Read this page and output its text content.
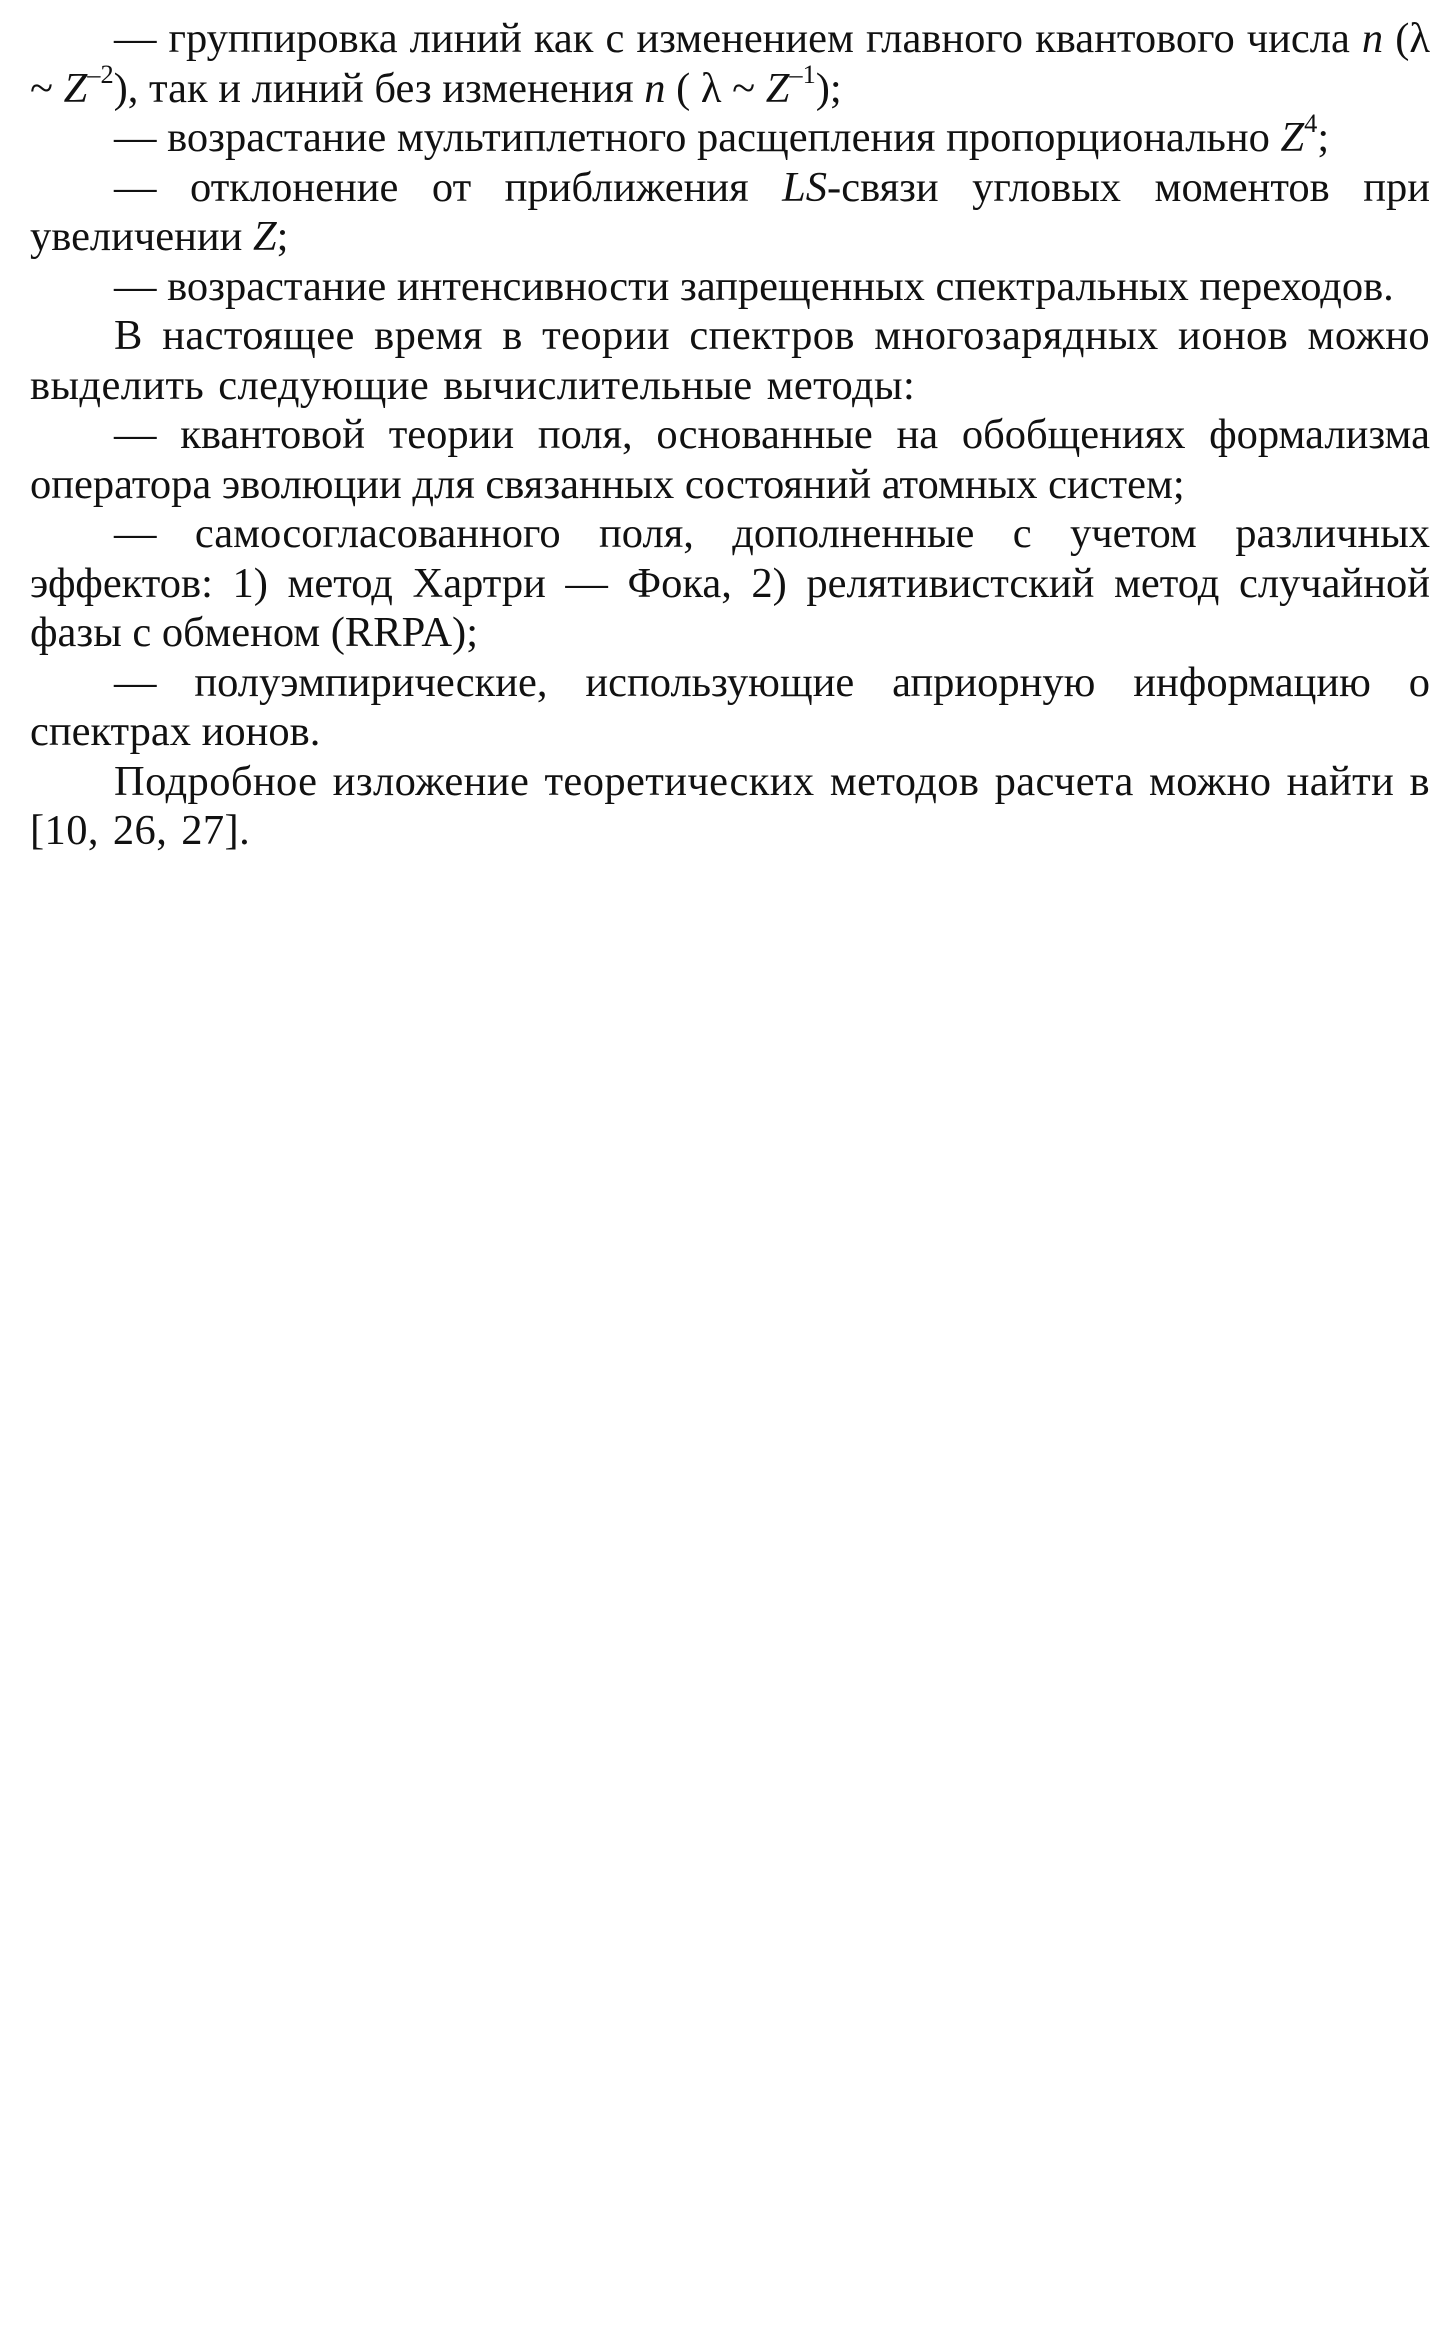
— группировка линий как с изменением главного квантового числа n (λ ~ $Z^{-2}$), так и линий без изменения n ( λ ~ $Z^{-1}$);

— возрастание мультиплетного расщепления пропорционально $Z^4$;

— отклонение от приближения LS-связи угловых моментов при увеличении Z;

— возрастание интенсивности запрещенных спектральных переходов.

В настоящее время в теории спектров многозарядных ионов можно выделить следующие вычислительные методы:

— квантовой теории поля, основанные на обобщениях формализма оператора эволюции для связанных состояний атомных систем;

— самосогласованного поля, дополненные с учетом различных эффектов: 1) метод Хартри — Фока, 2) релятивистский метод случайной фазы с обменом (RRPA);

— полуэмпирические, использующие априорную информацию о спектрах ионов.

Подробное изложение теоретических методов расчета можно найти в [10, 26, 27].
